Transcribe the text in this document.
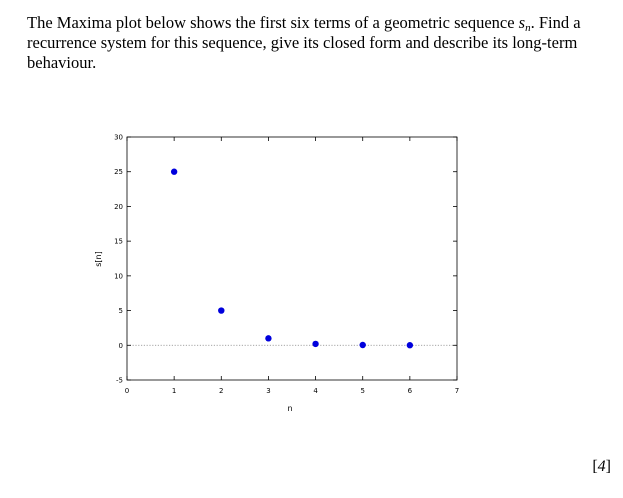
The Maxima plot below shows the first six terms of a geometric sequence $s_n$. Find a recurrence system for this sequence, give its closed form and describe its long-term behaviour.

0	1	2	3	4	5	6	7
-5
0
5
10
15
20
25
30
n
s[n]

[4]
